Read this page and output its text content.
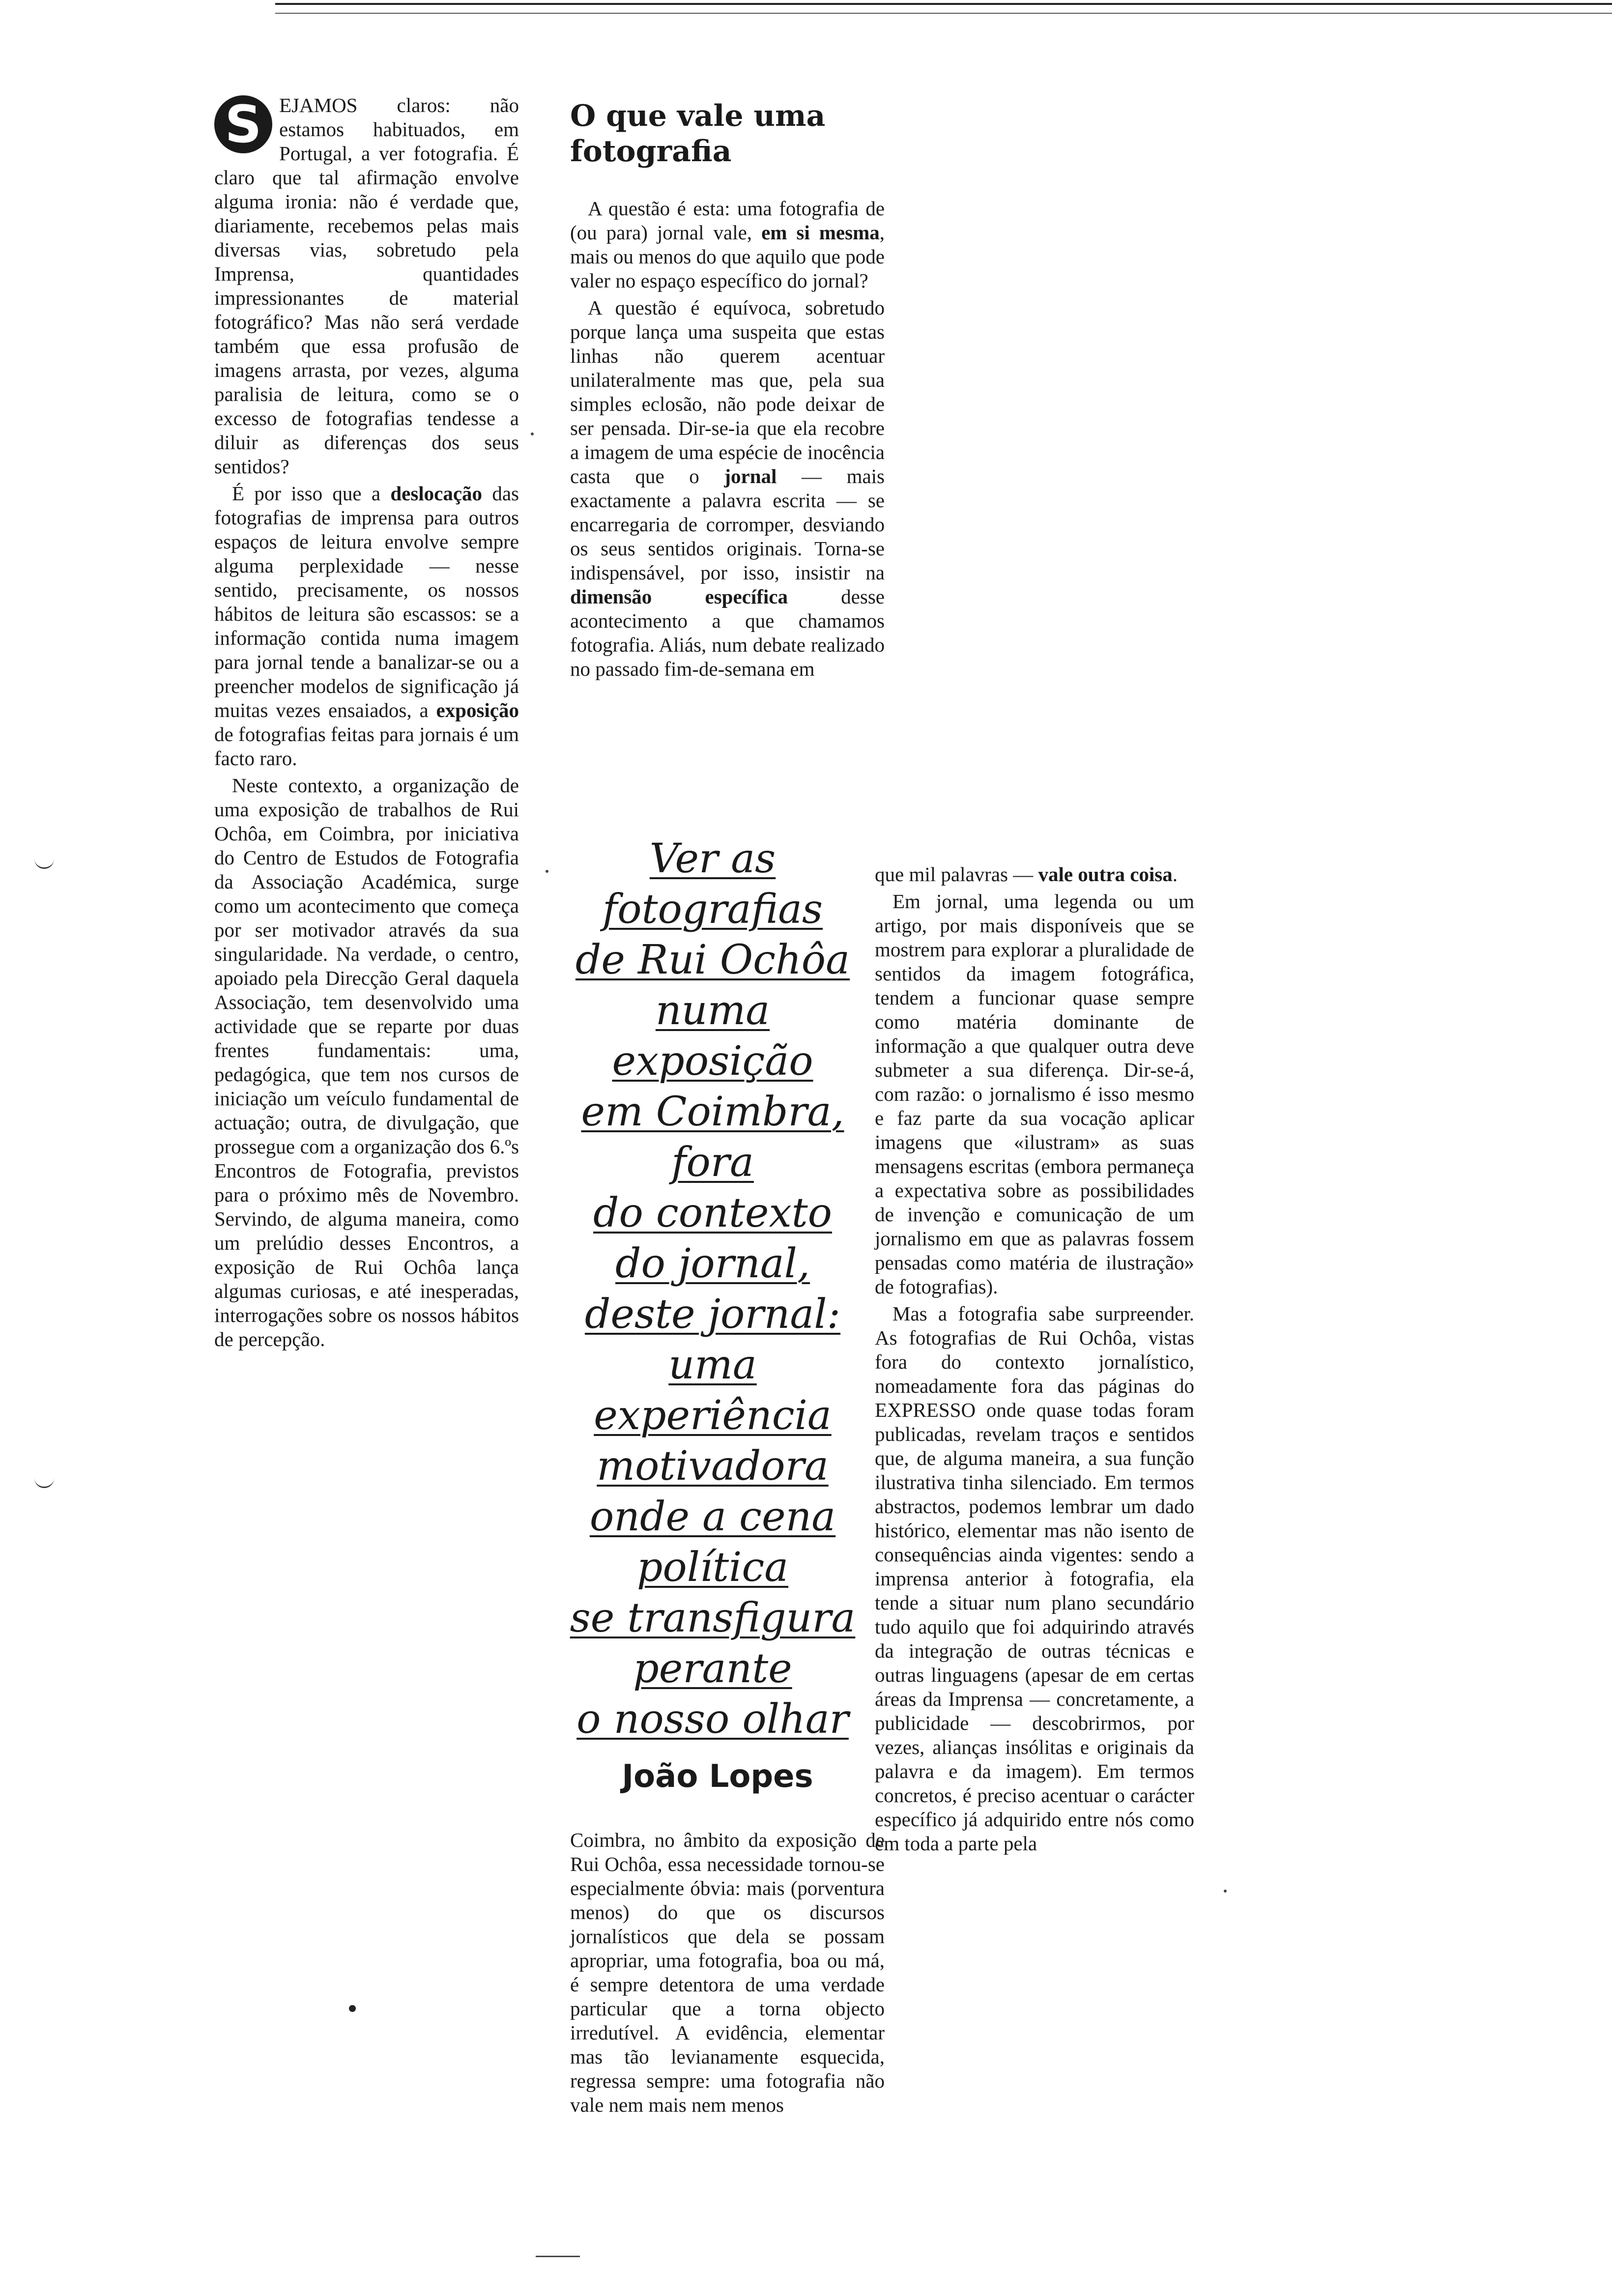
S EJAMOS claros: não estamos habituados, em Portugal, a ver fotografia. É claro que tal afirmação envolve alguma ironia: não é verdade que, diariamente, recebemos pelas mais diversas vias, sobretudo pela Imprensa, quantidades impressionantes de material fotográfico? Mas não será verdade também que essa profusão de imagens arrasta, por vezes, alguma paralisia de leitura, como se o excesso de fotografias tendesse a diluir as diferenças dos seus sentidos?

É por isso que a deslocação das fotografias de imprensa para outros espaços de leitura envolve sempre alguma perplexidade — nesse sentido, precisamente, os nossos hábitos de leitura são escassos: se a informação contida numa imagem para jornal tende a banalizar-se ou a preencher modelos de significação já muitas vezes ensaiados, a exposição de fotografias feitas para jornais é um facto raro.

Neste contexto, a organização de uma exposição de trabalhos de Rui Ochôa, em Coimbra, por iniciativa do Centro de Estudos de Fotografia da Associação Académica, surge como um acontecimento que começa por ser motivador através da sua singularidade. Na verdade, o centro, apoiado pela Direcção Geral daquela Associação, tem desenvolvido uma actividade que se reparte por duas frentes fundamentais: uma, pedagógica, que tem nos cursos de iniciação um veículo fundamental de actuação; outra, de divulgação, que prossegue com a organização dos 6.ºs Encontros de Fotografia, previstos para o próximo mês de Novembro. Servindo, de alguma maneira, como um prelúdio desses Encontros, a exposição de Rui Ochôa lança algumas curiosas, e até inesperadas, interrogações sobre os nossos hábitos de percepção.

O que vale uma fotografia

A questão é esta: uma fotografia de (ou para) jornal vale, em si mesma, mais ou menos do que aquilo que pode valer no espaço específico do jornal?

A questão é equívoca, sobretudo porque lança uma suspeita que estas linhas não querem acentuar unilateralmente mas que, pela sua simples eclosão, não pode deixar de ser pensada. Dir-se-ia que ela recobre a imagem de uma espécie de inocência casta que o jornal — mais exactamente a palavra escrita — se encarregaria de corromper, desviando os seus sentidos originais. Torna-se indispensável, por isso, insistir na dimensão específica desse acontecimento a que chamamos fotografia. Aliás, num debate realizado no passado fim-de-semana em

Ver as
fotografias
de Rui Ochôa
numa
exposição
em Coimbra,
fora
do contexto
do jornal,
deste jornal:
uma
experiência
motivadora
onde a cena
política
se transfigura
perante
o nosso olhar
João Lopes

Coimbra, no âmbito da exposição de Rui Ochôa, essa necessidade tornou-se especialmente óbvia: mais (porventura menos) do que os discursos jornalísticos que dela se possam apropriar, uma fotografia, boa ou má, é sempre detentora de uma verdade particular que a torna objecto irredutível. A evidência, elementar mas tão levianamente esquecida, regressa sempre: uma fotografia não vale nem mais nem menos

que mil palavras — vale outra coisa.

Em jornal, uma legenda ou um artigo, por mais disponíveis que se mostrem para explorar a pluralidade de sentidos da imagem fotográfica, tendem a funcionar quase sempre como matéria dominante de informação a que qualquer outra deve submeter a sua diferença. Dir-se-á, com razão: o jornalismo é isso mesmo e faz parte da sua vocação aplicar imagens que «ilustram» as suas mensagens escritas (embora permaneça a expectativa sobre as possibilidades de invenção e comunicação de um jornalismo em que as palavras fossem pensadas como matéria de ilustração» de fotografias).

Mas a fotografia sabe surpreender. As fotografias de Rui Ochôa, vistas fora do contexto jornalístico, nomeadamente fora das páginas do EXPRESSO onde quase todas foram publicadas, revelam traços e sentidos que, de alguma maneira, a sua função ilustrativa tinha silenciado. Em termos abstractos, podemos lembrar um dado histórico, elementar mas não isento de consequências ainda vigentes: sendo a imprensa anterior à fotografia, ela tende a situar num plano secundário tudo aquilo que foi adquirindo através da integração de outras técnicas e outras linguagens (apesar de em certas áreas da Imprensa — concretamente, a publicidade — descobrirmos, por vezes, alianças insólitas e originais da palavra e da imagem). Em termos concretos, é preciso acentuar o carácter específico já adquirido entre nós como em toda a parte pela
